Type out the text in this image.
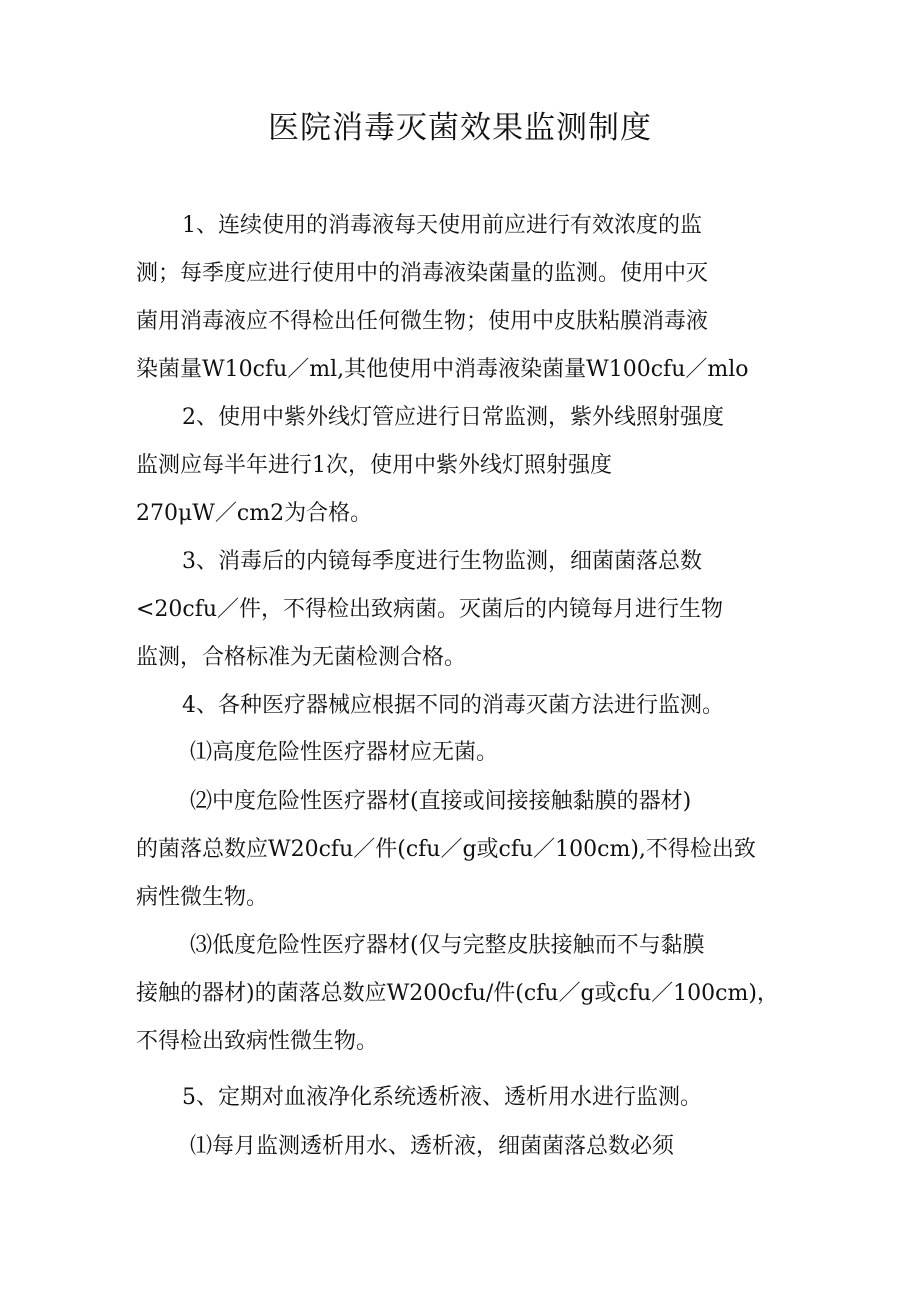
医院消毒灭菌效果监测制度

1、连续使用的消毒液每天使用前应进行有效浓度的监

测；每季度应进行使用中的消毒液染菌量的监测。使用中灭

菌用消毒液应不得检出任何微生物；使用中皮肤粘膜消毒液

染菌量W10cfu／ml,其他使用中消毒液染菌量W100cfu／mlo

2、使用中紫外线灯管应进行日常监测，紫外线照射强度

监测应每半年进行1次，使用中紫外线灯照射强度

270μW／cm2为合格。

3、消毒后的内镜每季度进行生物监测，细菌菌落总数

<20cfu／件，不得检出致病菌。灭菌后的内镜每月进行生物

监测，合格标准为无菌检测合格。

4、各种医疗器械应根据不同的消毒灭菌方法进行监测。

⑴高度危险性医疗器材应无菌。

⑵中度危险性医疗器材(直接或间接接触黏膜的器材)

的菌落总数应W20cfu／件(cfu／g或cfu／100cm),不得检出致

病性微生物。

⑶低度危险性医疗器材(仅与完整皮肤接触而不与黏膜

接触的器材)的菌落总数应W200cfu/件(cfu／g或cfu／100cm)，

不得检出致病性微生物。

5、定期对血液净化系统透析液、透析用水进行监测。

⑴每月监测透析用水、透析液，细菌菌落总数必须
